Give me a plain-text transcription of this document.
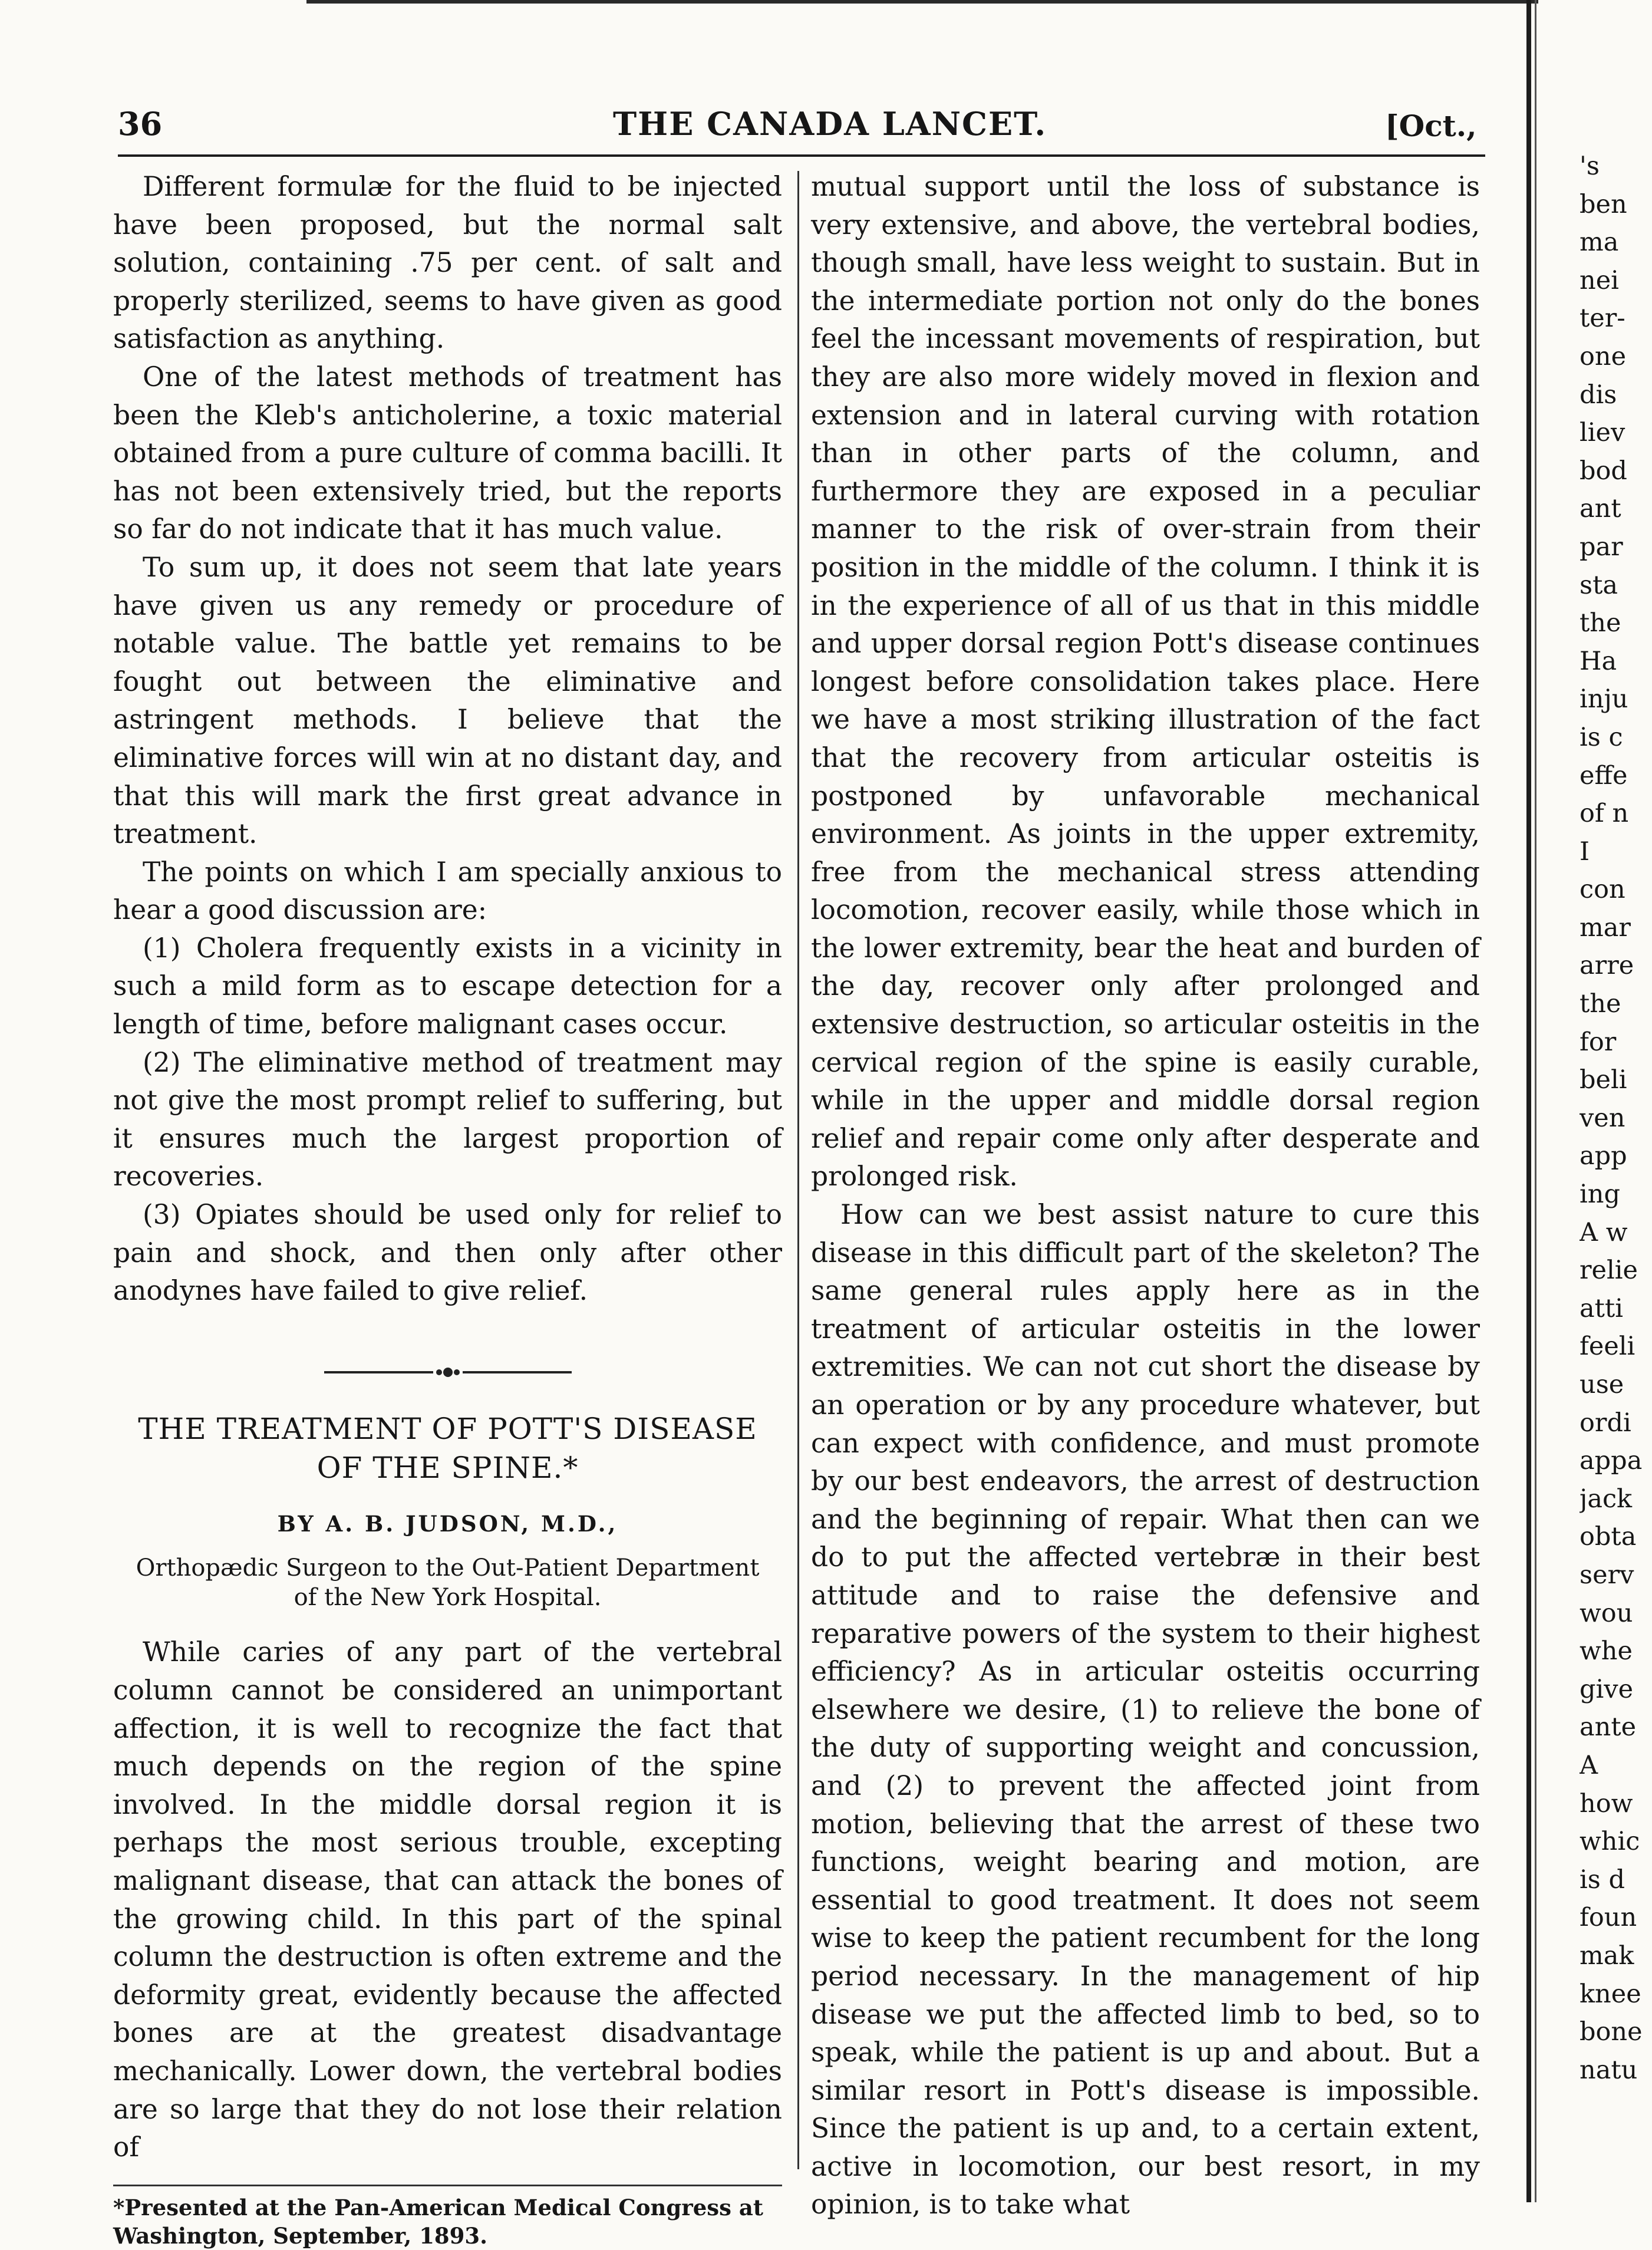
36	THE CANADA LANCET.	[Oct.,

Different formulæ for the fluid to be injected have been proposed, but the normal salt solution, containing .75 per cent. of salt and properly sterilized, seems to have given as good satisfaction as anything.

One of the latest methods of treatment has been the Kleb's anticholerine, a toxic material obtained from a pure culture of comma bacilli. It has not been extensively tried, but the reports so far do not indicate that it has much value.

To sum up, it does not seem that late years have given us any remedy or procedure of notable value. The battle yet remains to be fought out between the eliminative and astringent methods. I believe that the eliminative forces will win at no distant day, and that this will mark the first great advance in treatment.

The points on which I am specially anxious to hear a good discussion are:

(1) Cholera frequently exists in a vicinity in such a mild form as to escape detection for a length of time, before malignant cases occur.

(2) The eliminative method of treatment may not give the most prompt relief to suffering, but it ensures much the largest proportion of recoveries.

(3) Opiates should be used only for relief to pain and shock, and then only after other anodynes have failed to give relief.

THE TREATMENT OF POTT'S DISEASE OF THE SPINE.*
BY A. B. JUDSON, M.D.,
Orthopædic Surgeon to the Out-Patient Department of the New York Hospital.

While caries of any part of the vertebral column cannot be considered an unimportant affection, it is well to recognize the fact that much depends on the region of the spine involved. In the middle dorsal region it is perhaps the most serious trouble, excepting malignant disease, that can attack the bones of the growing child. In this part of the spinal column the destruction is often extreme and the deformity great, evidently because the affected bones are at the greatest disadvantage mechanically. Lower down, the vertebral bodies are so large that they do not lose their relation of

*Presented at the Pan-American Medical Congress at Washington, September, 1893.

mutual support until the loss of substance is very extensive, and above, the vertebral bodies, though small, have less weight to sustain. But in the intermediate portion not only do the bones feel the incessant movements of respiration, but they are also more widely moved in flexion and extension and in lateral curving with rotation than in other parts of the column, and furthermore they are exposed in a peculiar manner to the risk of over-strain from their position in the middle of the column. I think it is in the experience of all of us that in this middle and upper dorsal region Pott's disease continues longest before consolidation takes place. Here we have a most striking illustration of the fact that the recovery from articular osteitis is postponed by unfavorable mechanical environment. As joints in the upper extremity, free from the mechanical stress attending locomotion, recover easily, while those which in the lower extremity, bear the heat and burden of the day, recover only after prolonged and extensive destruction, so articular osteitis in the cervical region of the spine is easily curable, while in the upper and middle dorsal region relief and repair come only after desperate and prolonged risk.

How can we best assist nature to cure this disease in this difficult part of the skeleton? The same general rules apply here as in the treatment of articular osteitis in the lower extremities. We can not cut short the disease by an operation or by any procedure whatever, but can expect with confidence, and must promote by our best endeavors, the arrest of destruction and the beginning of repair. What then can we do to put the affected vertebræ in their best attitude and to raise the defensive and reparative powers of the system to their highest efficiency? As in articular osteitis occurring elsewhere we desire, (1) to relieve the bone of the duty of supporting weight and concussion, and (2) to prevent the affected joint from motion, believing that the arrest of these two functions, weight bearing and motion, are essential to good treatment. It does not seem wise to keep the patient recumbent for the long period necessary. In the management of hip disease we put the affected limb to bed, so to speak, while the patient is up and about. But a similar resort in Pott's disease is impossible. Since the patient is up and, to a certain extent, active in locomotion, our best resort, in my opinion, is to take what

's
ben
ma
nei
ter-
one
dis
liev
bod
ant
par
sta
the
Ha
inju
is c
effe
of n
I
con
mar
arre
the
for
beli
ven
app
ing
A w
relie
atti
feeli
use
ordi
appa
jack
obta
serv
wou
whe
give
ante
A
how
whic
is d
foun
mak
knee
bone
natu
